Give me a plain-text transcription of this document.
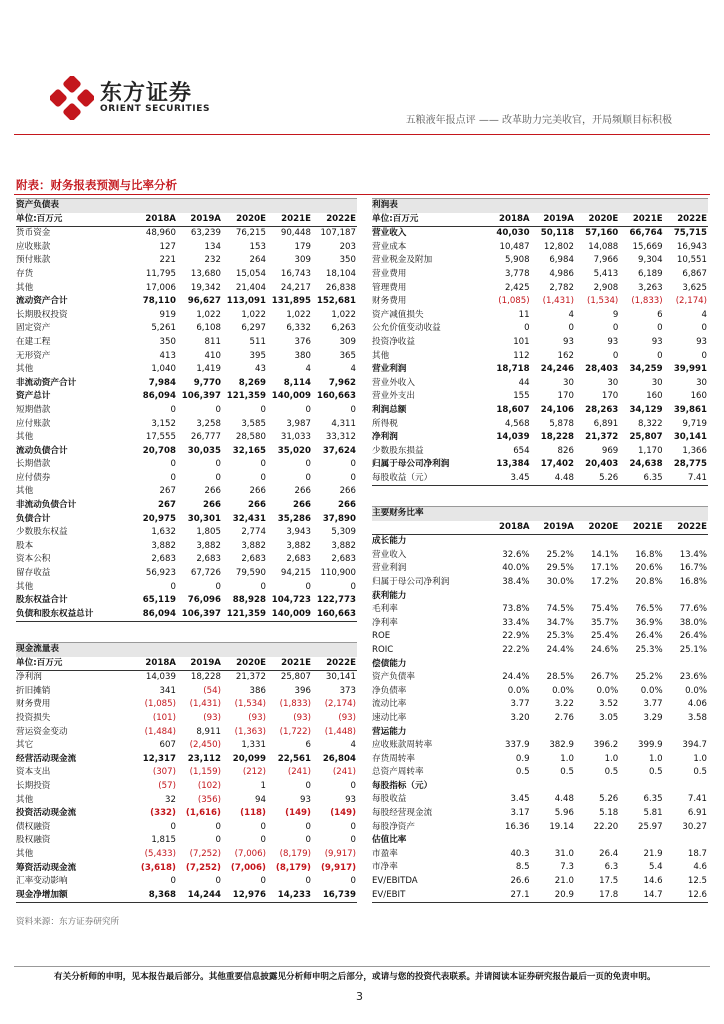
东方证券
ORIENT SECURITIES
五粮液年报点评 —— 改革助力完美收官，开局频顺目标积极
附表：财务报表预测与比率分析
资产负债表					
单位:百万元	2018A	2019A	2020E	2021E	2022E
货币资金	48,960	63,239	76,215	90,448	107,187
应收账款	127	134	153	179	203
预付账款	221	232	264	309	350
存货	11,795	13,680	15,054	16,743	18,104
其他	17,006	19,342	21,404	24,217	26,838
流动资产合计	78,110	96,627	113,091	131,895	152,681
长期股权投资	919	1,022	1,022	1,022	1,022
固定资产	5,261	6,108	6,297	6,332	6,263
在建工程	350	811	511	376	309
无形资产	413	410	395	380	365
其他	1,040	1,419	43	4	4
非流动资产合计	7,984	9,770	8,269	8,114	7,962
资产总计	86,094	106,397	121,359	140,009	160,663
短期借款	0	0	0	0	0
应付账款	3,152	3,258	3,585	3,987	4,311
其他	17,555	26,777	28,580	31,033	33,312
流动负债合计	20,708	30,035	32,165	35,020	37,624
长期借款	0	0	0	0	0
应付债券	0	0	0	0	0
其他	267	266	266	266	266
非流动负债合计	267	266	266	266	266
负债合计	20,975	30,301	32,431	35,286	37,890
少数股东权益	1,632	1,805	2,774	3,943	5,309
股本	3,882	3,882	3,882	3,882	3,882
资本公积	2,683	2,683	2,683	2,683	2,683
留存收益	56,923	67,726	79,590	94,215	110,900
其他	0	0	0	0	0
股东权益合计	65,119	76,096	88,928	104,723	122,773
负债和股东权益总计	86,094	106,397	121,359	140,009	160,663
现金流量表					
单位:百万元	2018A	2019A	2020E	2021E	2022E
净利润	14,039	18,228	21,372	25,807	30,141
折旧摊销	341	(54)	386	396	373
财务费用	(1,085)	(1,431)	(1,534)	(1,833)	(2,174)
投资损失	(101)	(93)	(93)	(93)	(93)
营运资金变动	(1,484)	8,911	(1,363)	(1,722)	(1,448)
其它	607	(2,450)	1,331	6	4
经营活动现金流	12,317	23,112	20,099	22,561	26,804
资本支出	(307)	(1,159)	(212)	(241)	(241)
长期投资	(57)	(102)	1	0	0
其他	32	(356)	94	93	93
投资活动现金流	(332)	(1,616)	(118)	(149)	(149)
债权融资	0	0	0	0	0
股权融资	1,815	0	0	0	0
其他	(5,433)	(7,252)	(7,006)	(8,179)	(9,917)
筹资活动现金流	(3,618)	(7,252)	(7,006)	(8,179)	(9,917)
汇率变动影响	0	0	0	0	0
现金净增加额	8,368	14,244	12,976	14,233	16,739
利润表					
单位:百万元	2018A	2019A	2020E	2021E	2022E
营业收入	40,030	50,118	57,160	66,764	75,715
营业成本	10,487	12,802	14,088	15,669	16,943
营业税金及附加	5,908	6,984	7,966	9,304	10,551
营业费用	3,778	4,986	5,413	6,189	6,867
管理费用	2,425	2,782	2,908	3,263	3,625
财务费用	(1,085)	(1,431)	(1,534)	(1,833)	(2,174)
资产减值损失	11	4	9	6	4
公允价值变动收益	0	0	0	0	0
投资净收益	101	93	93	93	93
其他	112	162	0	0	0
营业利润	18,718	24,246	28,403	34,259	39,991
营业外收入	44	30	30	30	30
营业外支出	155	170	170	160	160
利润总额	18,607	24,106	28,263	34,129	39,861
所得税	4,568	5,878	6,891	8,322	9,719
净利润	14,039	18,228	21,372	25,807	30,141
少数股东损益	654	826	969	1,170	1,366
归属于母公司净利润	13,384	17,402	20,403	24,638	28,775
每股收益（元）	3.45	4.48	5.26	6.35	7.41
主要财务比率					
	2018A	2019A	2020E	2021E	2022E
成长能力					
营业收入	32.6%	25.2%	14.1%	16.8%	13.4%
营业利润	40.0%	29.5%	17.1%	20.6%	16.7%
归属于母公司净利润	38.4%	30.0%	17.2%	20.8%	16.8%
获利能力					
毛利率	73.8%	74.5%	75.4%	76.5%	77.6%
净利率	33.4%	34.7%	35.7%	36.9%	38.0%
ROE	22.9%	25.3%	25.4%	26.4%	26.4%
ROIC	22.2%	24.4%	24.6%	25.3%	25.1%
偿债能力					
资产负债率	24.4%	28.5%	26.7%	25.2%	23.6%
净负债率	0.0%	0.0%	0.0%	0.0%	0.0%
流动比率	3.77	3.22	3.52	3.77	4.06
速动比率	3.20	2.76	3.05	3.29	3.58
营运能力					
应收账款周转率	337.9	382.9	396.2	399.9	394.7
存货周转率	0.9	1.0	1.0	1.0	1.0
总资产周转率	0.5	0.5	0.5	0.5	0.5
每股指标（元）					
每股收益	3.45	4.48	5.26	6.35	7.41
每股经营现金流	3.17	5.96	5.18	5.81	6.91
每股净资产	16.36	19.14	22.20	25.97	30.27
估值比率					
市盈率	40.3	31.0	26.4	21.9	18.7
市净率	8.5	7.3	6.3	5.4	4.6
EV/EBITDA	26.6	21.0	17.5	14.6	12.5
EV/EBIT	27.1	20.9	17.8	14.7	12.6
资料来源：东方证券研究所
有关分析师的申明，见本报告最后部分。其他重要信息披露见分析师申明之后部分，或请与您的投资代表联系。并请阅读本证券研究报告最后一页的免责申明。
3
